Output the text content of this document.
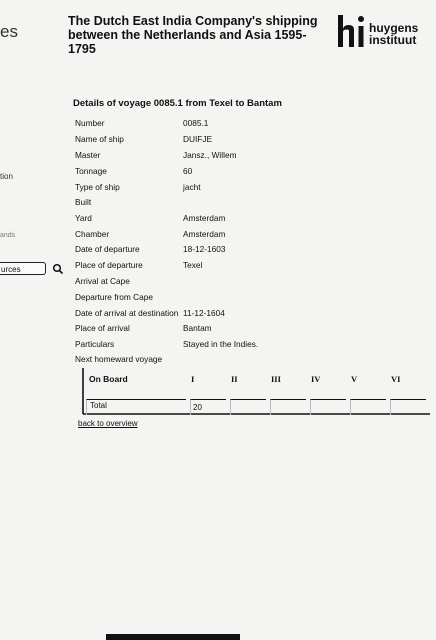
es
tion
ands
urces
The Dutch East India Company's shipping between the Netherlands and Asia 1595-1795
huygens
instituut
Details of voyage 0085.1 from Texel to Bantam
Number	0085.1
Name of ship	DUIFJE
Master	Jansz., Willem
Tonnage	60
Type of ship	jacht
Built
Yard	Amsterdam
Chamber	Amsterdam
Date of departure	18-12-1603
Place of departure	Texel
Arrival at Cape
Departure from Cape
Date of arrival at destination 11-12-1604
Place of arrival	Bantam
Particulars	Stayed in the Indies.
Next homeward voyage
On Board	I	II	III	IV	V	VI
Total	20
back to overview
